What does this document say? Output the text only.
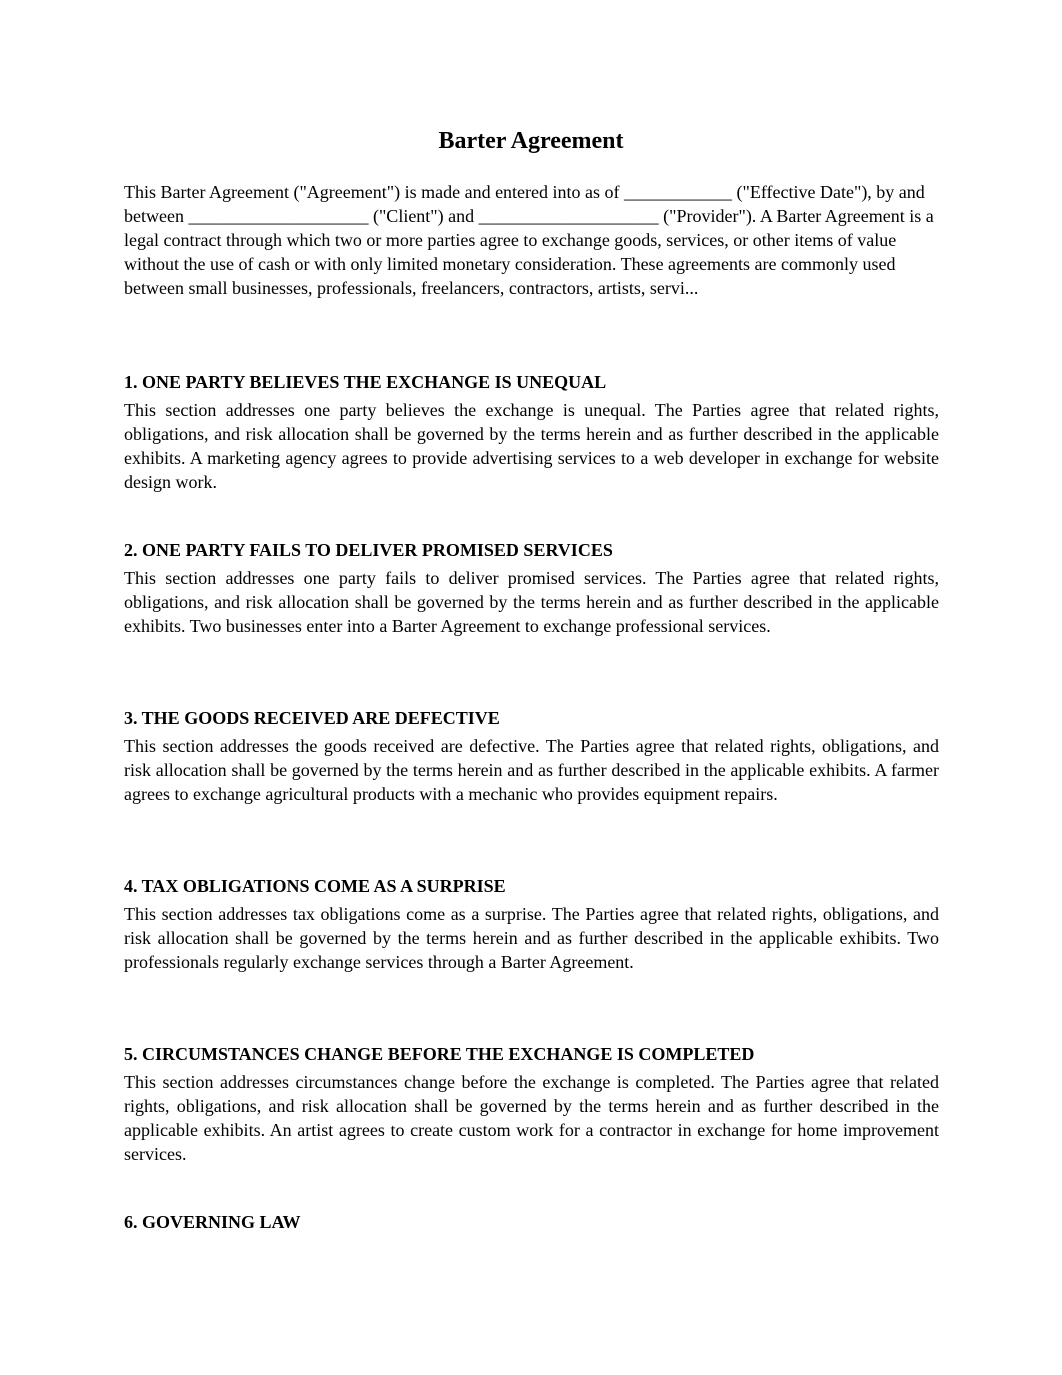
Barter Agreement

This Barter Agreement ("Agreement") is made and entered into as of ____________ ("Effective Date"), by and between ____________________ ("Client") and ____________________ ("Provider"). A Barter Agreement is a legal contract through which two or more parties agree to exchange goods, services, or other items of value without the use of cash or with only limited monetary consideration. These agreements are commonly used between small businesses, professionals, freelancers, contractors, artists, servi...

1. ONE PARTY BELIEVES THE EXCHANGE IS UNEQUAL

This section addresses one party believes the exchange is unequal. The Parties agree that related rights, obligations, and risk allocation shall be governed by the terms herein and as further described in the applicable exhibits. A marketing agency agrees to provide advertising services to a web developer in exchange for website design work.

2. ONE PARTY FAILS TO DELIVER PROMISED SERVICES

This section addresses one party fails to deliver promised services. The Parties agree that related rights, obligations, and risk allocation shall be governed by the terms herein and as further described in the applicable exhibits. Two businesses enter into a Barter Agreement to exchange professional services.

3. THE GOODS RECEIVED ARE DEFECTIVE

This section addresses the goods received are defective. The Parties agree that related rights, obligations, and risk allocation shall be governed by the terms herein and as further described in the applicable exhibits. A farmer agrees to exchange agricultural products with a mechanic who provides equipment repairs.

4. TAX OBLIGATIONS COME AS A SURPRISE

This section addresses tax obligations come as a surprise. The Parties agree that related rights, obligations, and risk allocation shall be governed by the terms herein and as further described in the applicable exhibits. Two professionals regularly exchange services through a Barter Agreement.

5. CIRCUMSTANCES CHANGE BEFORE THE EXCHANGE IS COMPLETED

This section addresses circumstances change before the exchange is completed. The Parties agree that related rights, obligations, and risk allocation shall be governed by the terms herein and as further described in the applicable exhibits. An artist agrees to create custom work for a contractor in exchange for home improvement services.

6. GOVERNING LAW
